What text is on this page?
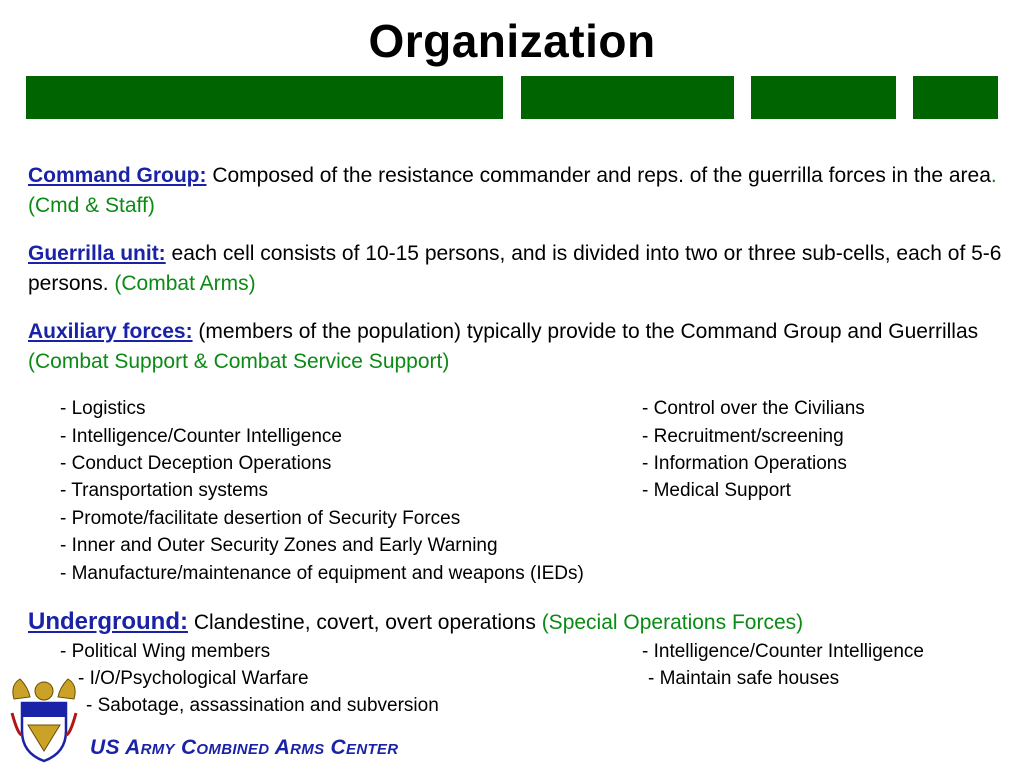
Organization
Command Group: Composed of the resistance commander and reps. of the guerrilla forces in the area. (Cmd & Staff)
Guerrilla unit: each cell consists of 10-15 persons, and is divided into two or three sub-cells, each of 5-6 persons. (Combat Arms)
Auxiliary forces: (members of the population) typically provide to the Command Group and Guerrillas (Combat Support & Combat Service Support)
- Logistics
- Intelligence/Counter Intelligence
- Conduct Deception Operations
- Transportation systems
- Promote/facilitate desertion of Security Forces
- Inner and Outer Security Zones and Early Warning
- Manufacture/maintenance of equipment and weapons (IEDs)
- Control over the Civilians
- Recruitment/screening
- Information Operations
- Medical Support
Underground: Clandestine, covert, overt operations (Special Operations Forces)
- Political Wing members
- I/O/Psychological Warfare
- Sabotage, assassination and subversion
- Intelligence/Counter Intelligence
- Maintain safe houses
US Army Combined Arms Center
